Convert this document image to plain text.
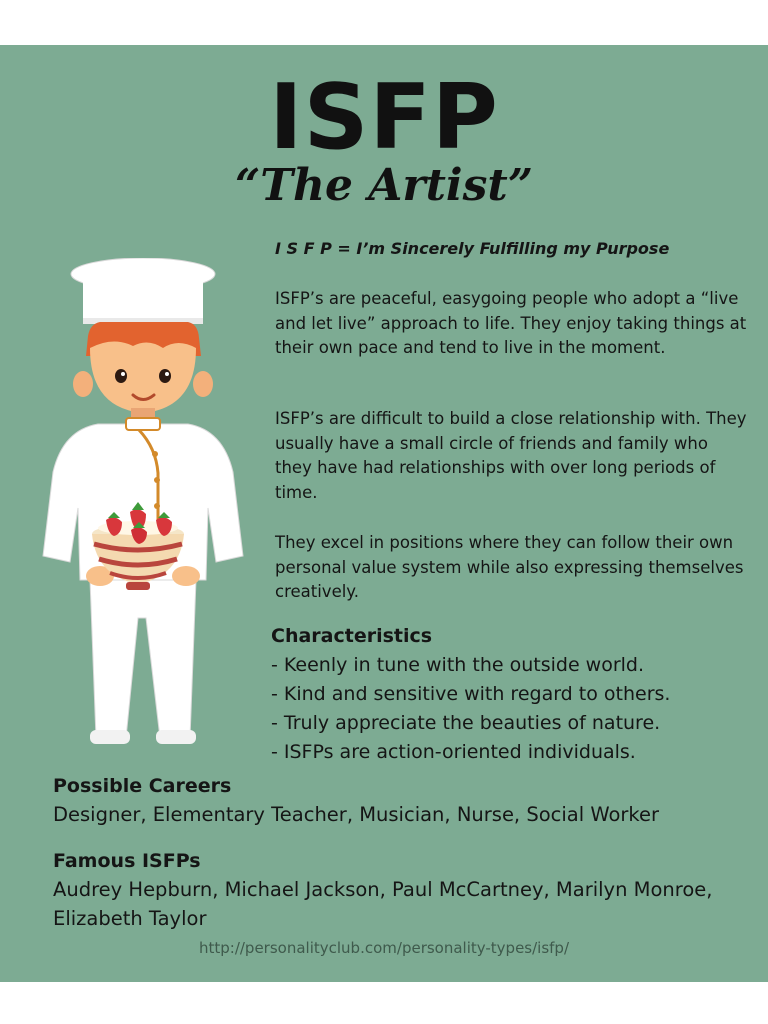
ISFP
“The Artist”
I S F P = I’m Sincerely Fulfilling my Purpose

ISFP’s are peaceful, easygoing people who adopt a “live and let live” approach to life. They enjoy taking things at their own pace and tend to live in the moment.

ISFP’s are difficult to build a close relationship with. They usually have a small circle of friends and family who they have had relationships with over long periods of time.

They excel in positions where they can follow their own personal value system while also expressing themselves creatively.

Characteristics
- Keenly in tune with the outside world.
- Kind and sensitive with regard to others.
- Truly appreciate the beauties of nature.
- ISFPs are action-oriented individuals.

Possible Careers

Designer, Elementary Teacher, Musician, Nurse, Social Worker

Famous ISFPs

Audrey Hepburn, Michael Jackson, Paul McCartney, Marilyn Monroe, Elizabeth Taylor

http://personalityclub.com/personality-types/isfp/
